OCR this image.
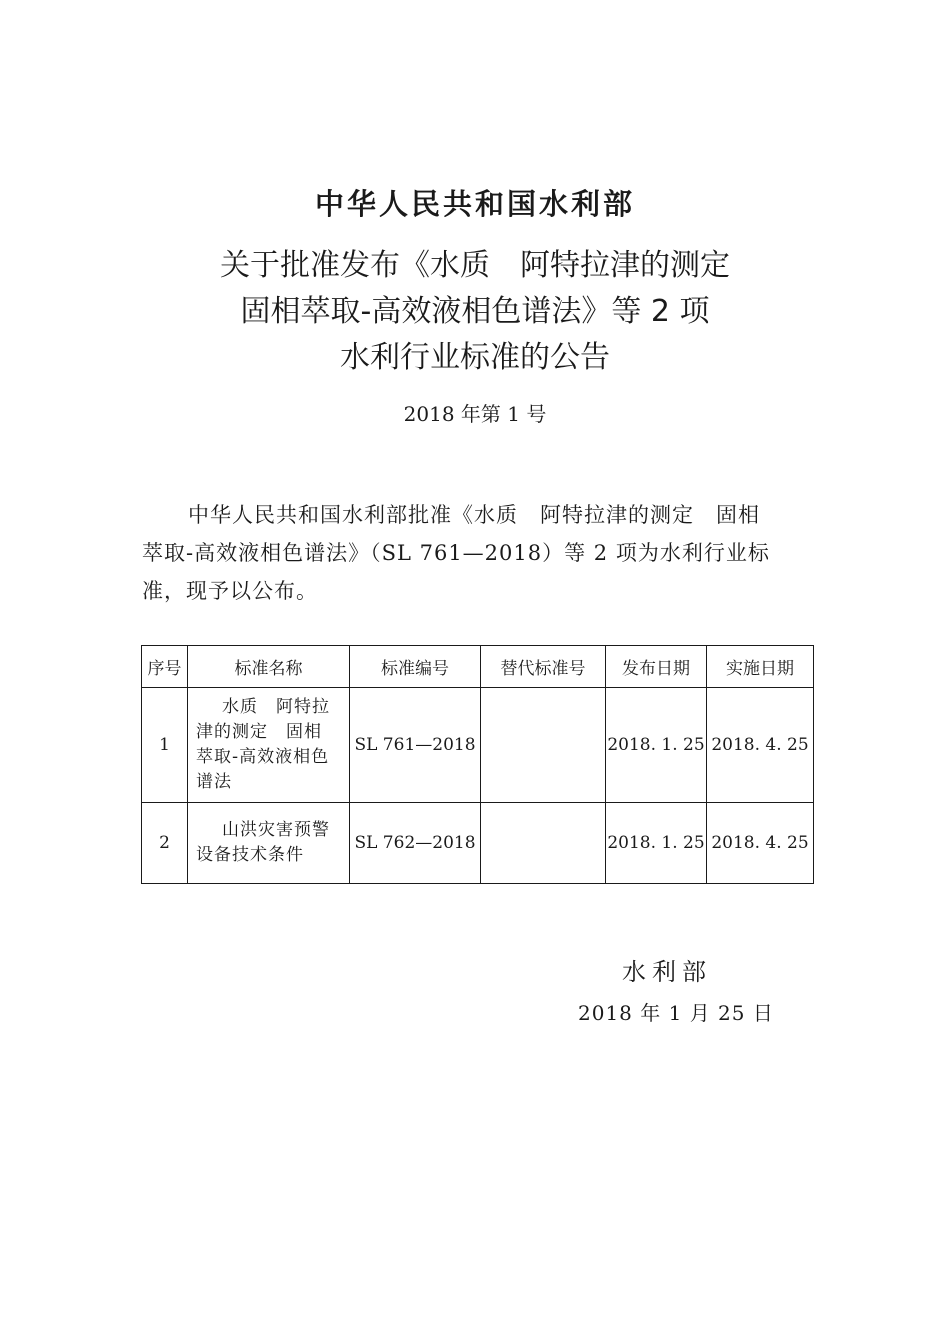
中华人民共和国水利部
关于批准发布《水质　阿特拉津的测定
固相萃取-高效液相色谱法》等 2 项
水利行业标准的公告
2018 年第 1 号
中华人民共和国水利部批准《水质　阿特拉津的测定　固相
萃取-高效液相色谱法》（SL 761—2018）等 2 项为水利行业标
准，现予以公布。
序号	标准名称	标准编号	替代标准号	发布日期	实施日期
1	水质　阿特拉
津的测定　固相
萃取-高效液相色
谱法	SL 761—2018		2018. 1. 25	2018. 4. 25
2	山洪灾害预警
设备技术条件	SL 762—2018		2018. 1. 25	2018. 4. 25
水利部
2018 年 1 月 25 日
